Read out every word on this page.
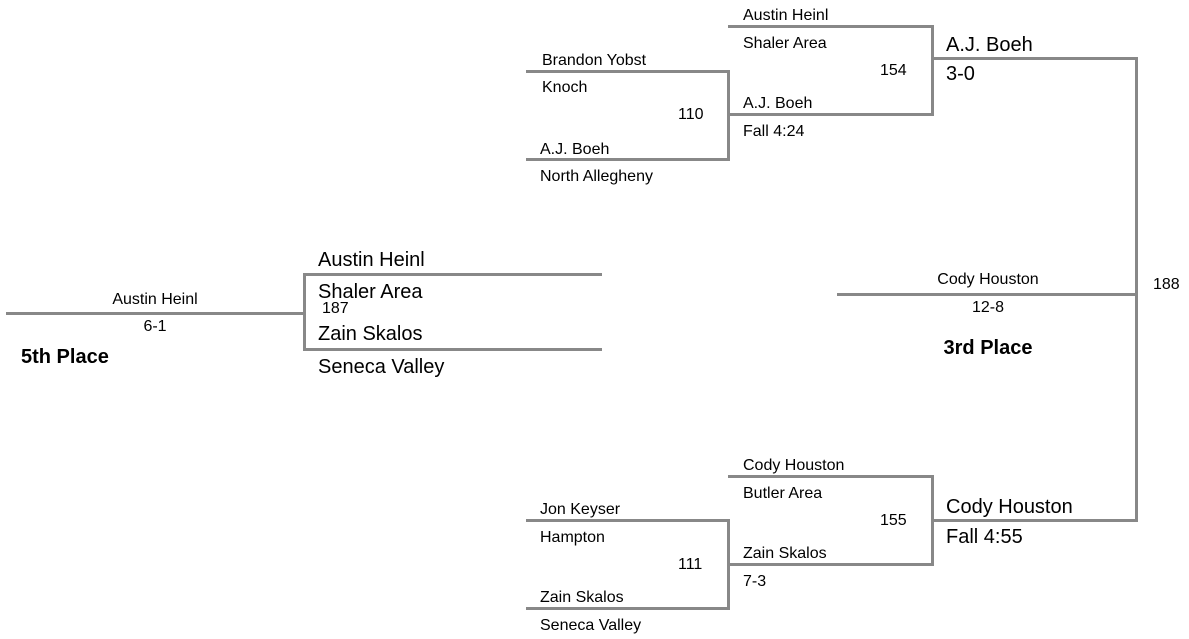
Brandon Yobst
Knoch
110
A.J. Boeh
North Allegheny
Austin Heinl
Shaler Area
154
A.J. Boeh
Fall 4:24
A.J. Boeh
3-0
Jon Keyser
Hampton
111
Zain Skalos
Seneca Valley
Cody Houston
Butler Area
155
Zain Skalos
7-3
Cody Houston
Fall 4:55
188
Cody Houston
12-8
3rd Place
Austin Heinl
Shaler Area
187
Zain Skalos
Seneca Valley
Austin Heinl
6-1
5th Place
